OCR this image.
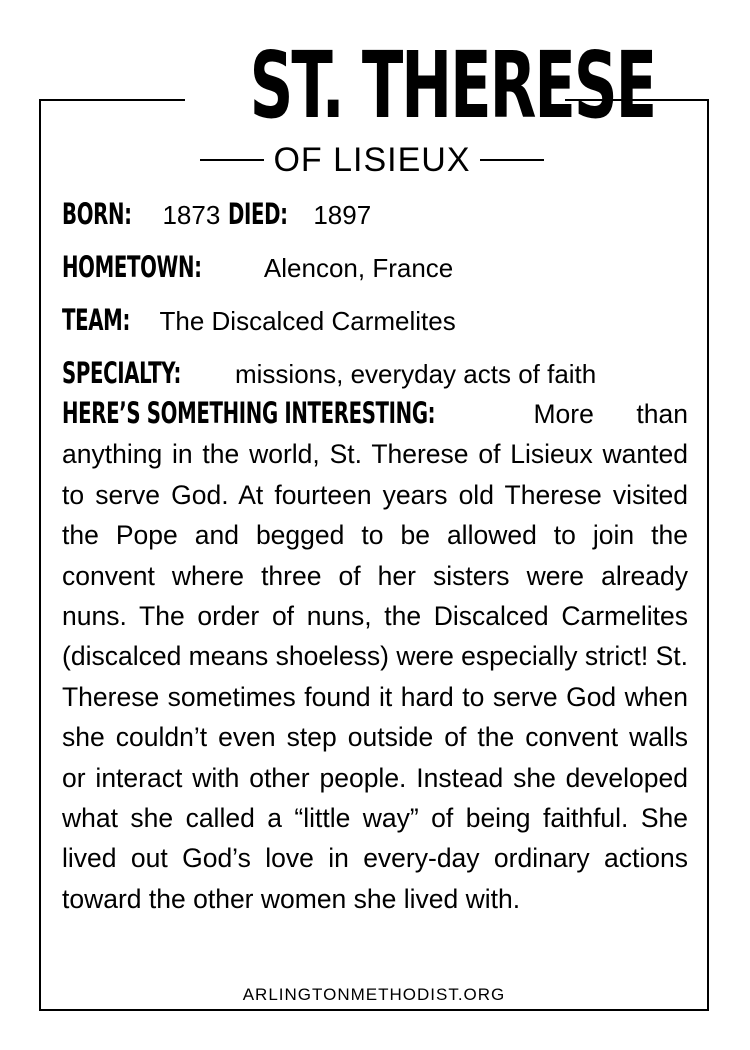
ST. THERESE
OF LISIEUX
BORN: 1873 DIED: 1897
HOMETOWN: Alencon, France
TEAM: The Discalced Carmelites
SPECIALTY: missions, everyday acts of faith
HERE’S SOMETHING INTERESTING:	More than anything in the world, St. Therese of Lisieux wanted to serve God. At fourteen years old Therese visited the Pope and begged to be allowed to join the convent where three of her sisters were already nuns. The order of nuns, the Discalced Carmelites (discalced means shoeless) were especially strict! St. Therese sometimes found it hard to serve God when she couldn’t even step outside of the convent walls or interact with other people. Instead she developed what she called a “little way” of being faithful. She lived out God’s love in every-day ordinary actions toward the other women she lived with.
ARLINGTONMETHODIST.ORG
